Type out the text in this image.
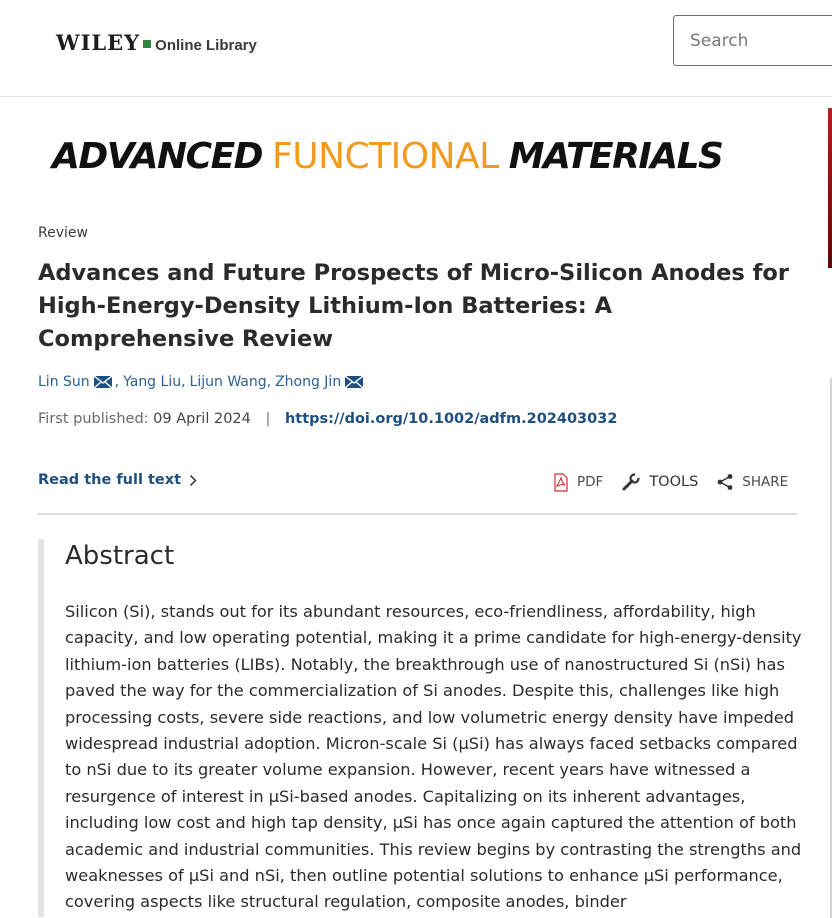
WILEY Online Library
Search
ADVANCED FUNCTIONAL MATERIALS
Review
Advances and Future Prospects of Micro-Silicon Anodes for High-Energy-Density Lithium-Ion Batteries: A Comprehensive Review
Lin Sun , Yang Liu , Lijun Wang , Zhong Jin
First published: 09 April 2024 | https://doi.org/10.1002/adfm.202403032
Read the full text	PDF	TOOLS	SHARE
Abstract

Silicon (Si), stands out for its abundant resources, eco-friendliness, affordability, high capacity, and low operating potential, making it a prime candidate for high-energy-density lithium-ion batteries (LIBs). Notably, the breakthrough use of nanostructured Si (nSi) has paved the way for the commercialization of Si anodes. Despite this, challenges like high processing costs, severe side reactions, and low volumetric energy density have impeded widespread industrial adoption. Micron-scale Si (μSi) has always faced setbacks compared to nSi due to its greater volume expansion. However, recent years have witnessed a resurgence of interest in μSi-based anodes. Capitalizing on its inherent advantages, including low cost and high tap density, μSi has once again captured the attention of both academic and industrial communities. This review begins by contrasting the strengths and weaknesses of μSi and nSi, then outline potential solutions to enhance μSi performance, covering aspects like structural regulation, composite anodes, binder
